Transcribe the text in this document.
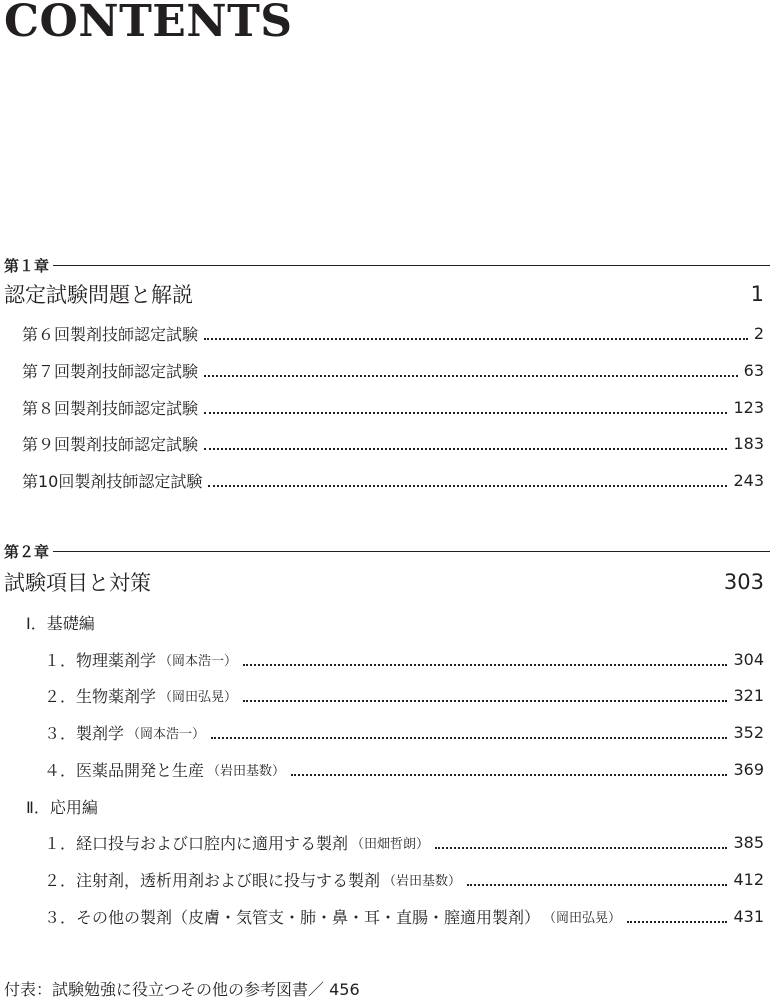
CONTENTS
第１章
認定試験問題と解説	1
第６回製剤技師認定試験	2
第７回製剤技師認定試験	63
第８回製剤技師認定試験	123
第９回製剤技師認定試験	183
第10回製剤技師認定試験	243
第２章
試験項目と対策	303
Ⅰ．基礎編
１． 物理薬剤学 （岡本浩一）	304
２． 生物薬剤学 （岡田弘晃）	321
３． 製剤学 （岡本浩一）	352
４． 医薬品開発と生産 （岩田基数）	369
Ⅱ．応用編
１． 経口投与および口腔内に適用する製剤 （田畑哲朗）	385
２． 注射剤，透析用剤および眼に投与する製剤 （岩田基数）	412
３． その他の製剤（皮膚・気管支・肺・鼻・耳・直腸・膣適用製剤） （岡田弘晃）	431
付表：試験勉強に役立つその他の参考図書／ 456
